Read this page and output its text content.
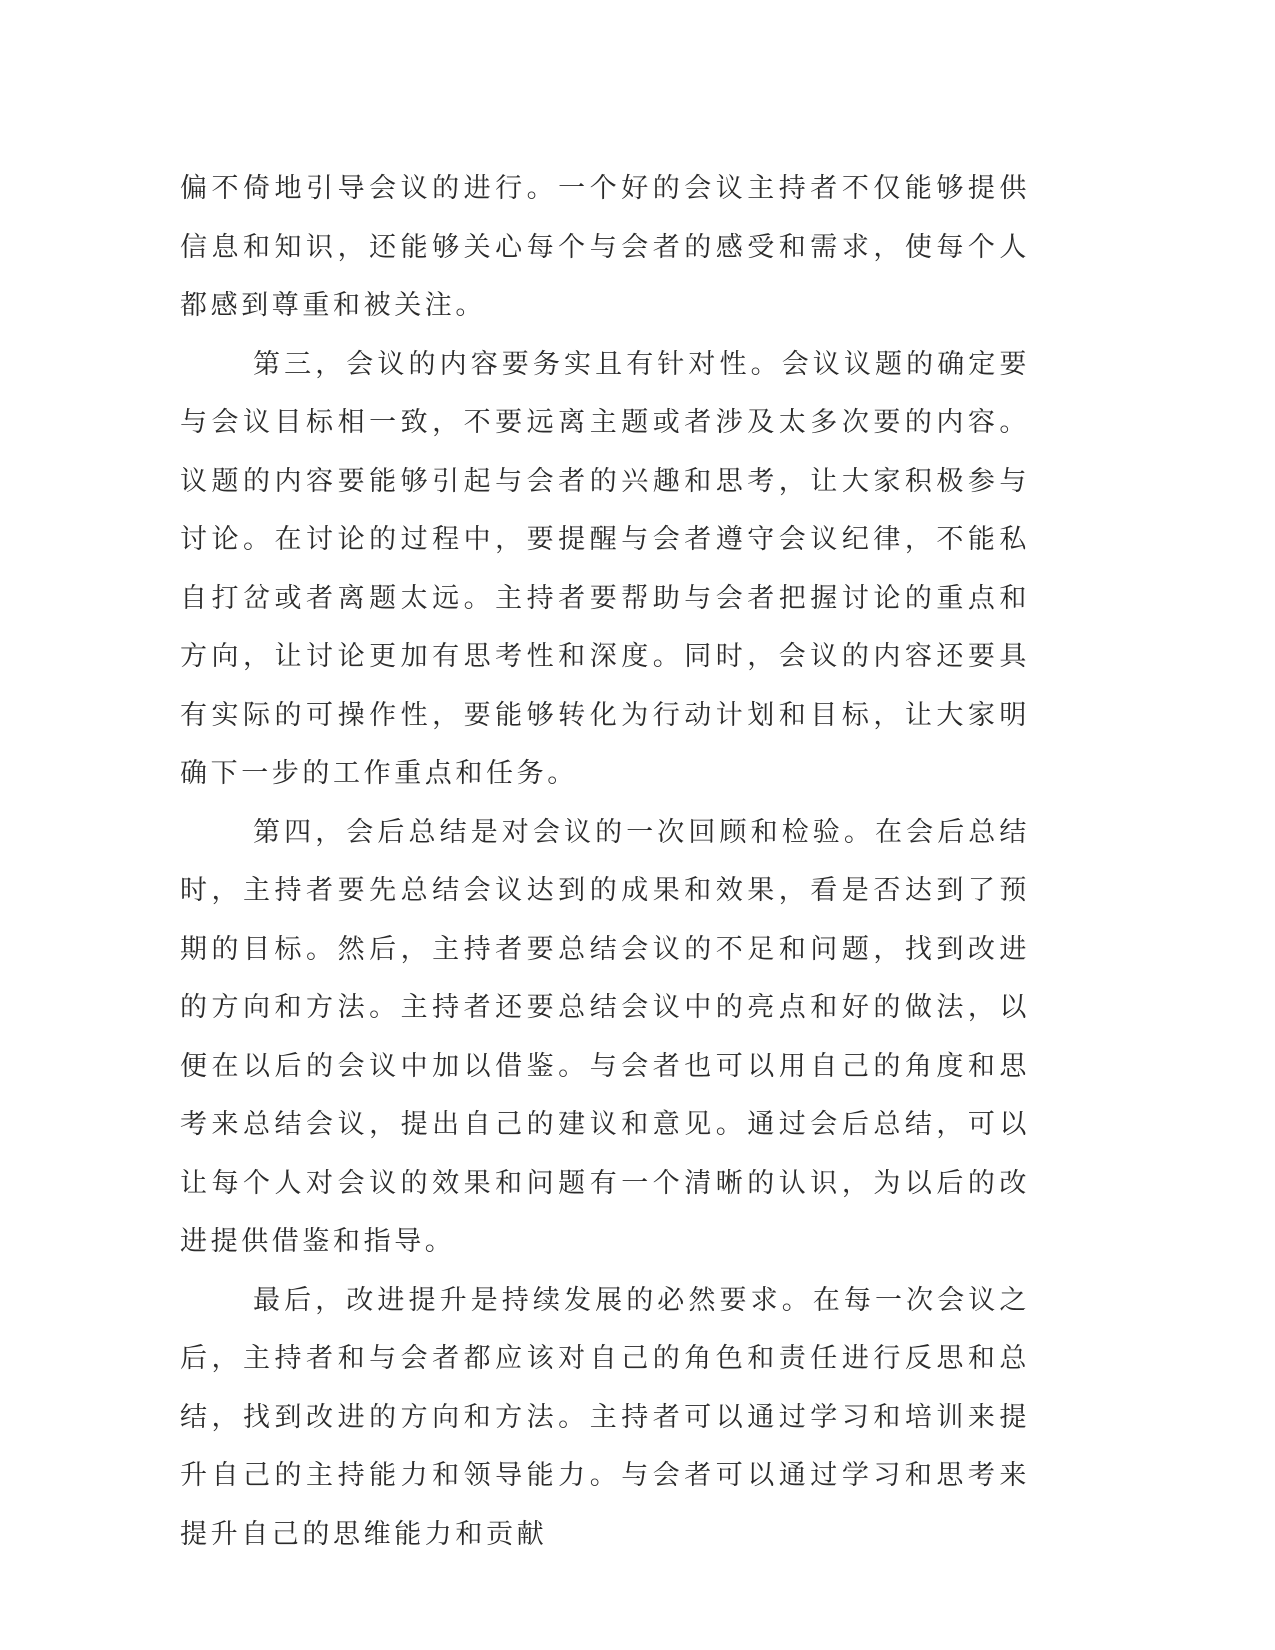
偏不倚地引导会议的进行。一个好的会议主持者不仅能够提供信息和知识，还能够关心每个与会者的感受和需求，使每个人都感到尊重和被关注。

第三，会议的内容要务实且有针对性。会议议题的确定要与会议目标相一致，不要远离主题或者涉及太多次要的内容。议题的内容要能够引起与会者的兴趣和思考，让大家积极参与讨论。在讨论的过程中，要提醒与会者遵守会议纪律，不能私自打岔或者离题太远。主持者要帮助与会者把握讨论的重点和方向，让讨论更加有思考性和深度。同时，会议的内容还要具有实际的可操作性，要能够转化为行动计划和目标，让大家明确下一步的工作重点和任务。

第四，会后总结是对会议的一次回顾和检验。在会后总结时，主持者要先总结会议达到的成果和效果，看是否达到了预期的目标。然后，主持者要总结会议的不足和问题，找到改进的方向和方法。主持者还要总结会议中的亮点和好的做法，以便在以后的会议中加以借鉴。与会者也可以用自己的角度和思考来总结会议，提出自己的建议和意见。通过会后总结，可以让每个人对会议的效果和问题有一个清晰的认识，为以后的改进提供借鉴和指导。

最后，改进提升是持续发展的必然要求。在每一次会议之后，主持者和与会者都应该对自己的角色和责任进行反思和总结，找到改进的方向和方法。主持者可以通过学习和培训来提升自己的主持能力和领导能力。与会者可以通过学习和思考来提升自己的思维能力和贡献
